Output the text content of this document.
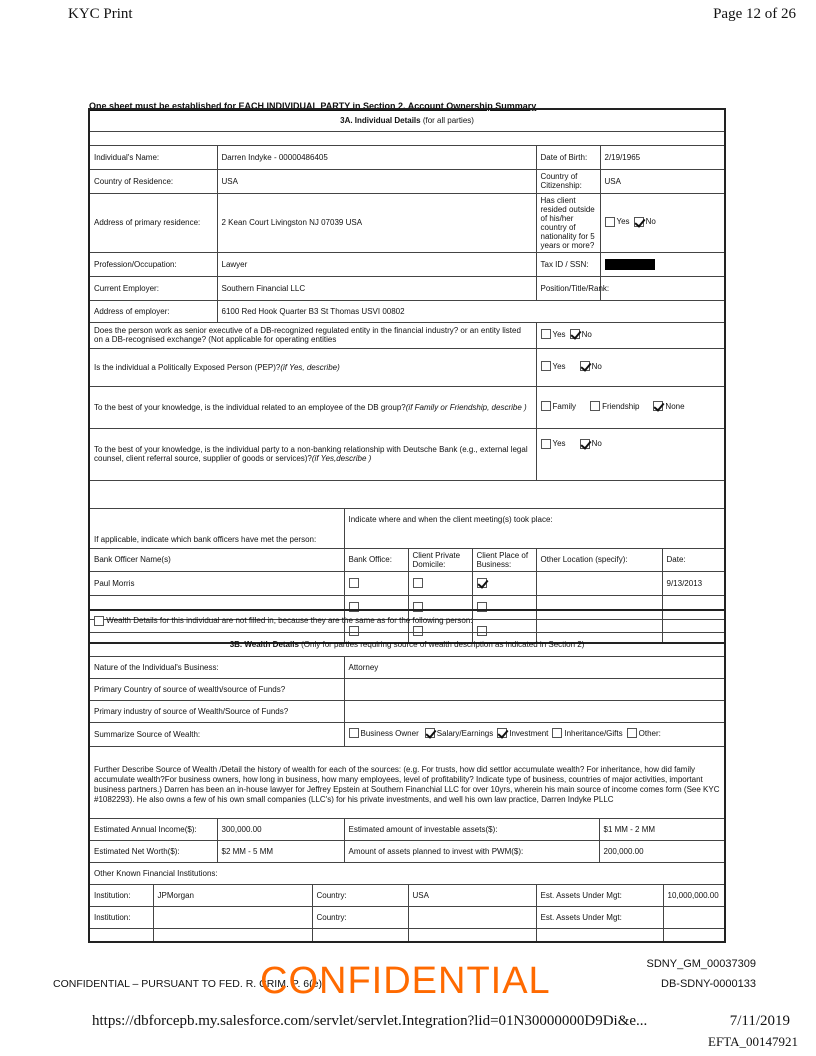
KYC Print	Page 12 of 26
One sheet must be established for EACH INDIVIDUAL PARTY in Section 2. Account Ownership Summary
3A. Individual Details (for all parties)							

Individual's Name:	Darren Indyke - 00000486405				Date of Birth:	2/19/1965	
Country of Residence:	USA				Country of Citizenship:	USA	
Address of primary residence:	2 Kean Court Livingston NJ 07039 USA				Has client resided outside of his/her country of nationality for 5 years or more?	Yes No	

Profession/Occupation:	Lawyer				Tax ID / SSN:		
Current Employer:	Southern Financial LLC				Position/Title/Rank:		
Address of employer:	6100 Red Hook Quarter B3 St Thomas USVI 00802						
Does the person work as senior executive of a DB-recognized regulated entity in the financial industry? or an entity listed on a DB-recognised exchange? (Not applicable for operating entities					Yes No		

Is the individual a Politically Exposed Person (PEP)?(if Yes, describe)					Yes No		

To the best of your knowledge, is the individual related to an employee of the DB group?(if Family or Friendship, describe )					Family Friendship None		

To the best of your knowledge, is the individual party to a non-banking relationship with Deutsche Bank (e.g., external legal counsel, client referral source, supplier of goods or services)?(if Yes,describe )					Yes No		

If applicable, indicate which bank officers have met the person:		Indicate where and when the client meeting(s) took place:					
Bank Officer Name(s)		Bank Office:	Client Private Domicile:	Client Place of Business:	Other Location (specify):		Date:
Paul Morris							9/13/2013

Wealth Details for this individual are not filled in, because they are the same as for the following person:								
3B. Wealth Details (Only for parties requiring source of wealth description as indicated in Section 2)								
Nature of the Individual's Business:				Attorney				
Primary Country of source of wealth/source of Funds?								
Primary industry of source of Wealth/Source of Funds?								
Summarize Source of Wealth:				Business Owner Salary/Earnings Investment Inheritance/Gifts Other:				

Further Describe Source of Wealth /Detail the history of wealth for each of the sources: (e.g. For trusts, how did settlor accumulate wealth? For inheritance, how did family accumulate wealth?For business owners, how long in business, how many employees, level of profitability? Indicate type of business, countries of major activities, important business partners.) Darren has been an in-house lawyer for Jeffrey Epstein at Southern Financhial LLC for over 10yrs, wherein his main source of income comes form (See KYC #1082293). He also owns a few of his own small companies (LLC's) for his private investments, and well his own law practice, Darren Indyke PLLC								
Estimated Annual Income($):		300,000.00		Estimated amount of investable assets($):			$1 MM - 2 MM	
Estimated Net Worth($):		$2 MM - 5 MM		Amount of assets planned to invest with PWM($):			200,000.00	
Other Known Financial Institutions:								
Institution:	JPMorgan		Country:		USA	Est. Assets Under Mgt:		10,000,000.00
Institution:			Country:			Est. Assets Under Mgt:		

SDNY_GM_00037309
CONFIDENTIAL – PURSUANT TO FED. R. CRIM. P. 6(e)
CONFIDENTIAL	DB-SDNY-0000133
https://dbforcepb.my.salesforce.com/servlet/servlet.Integration?lid=01N30000000D9Di&e...	7/11/2019
EFTA_00147921
